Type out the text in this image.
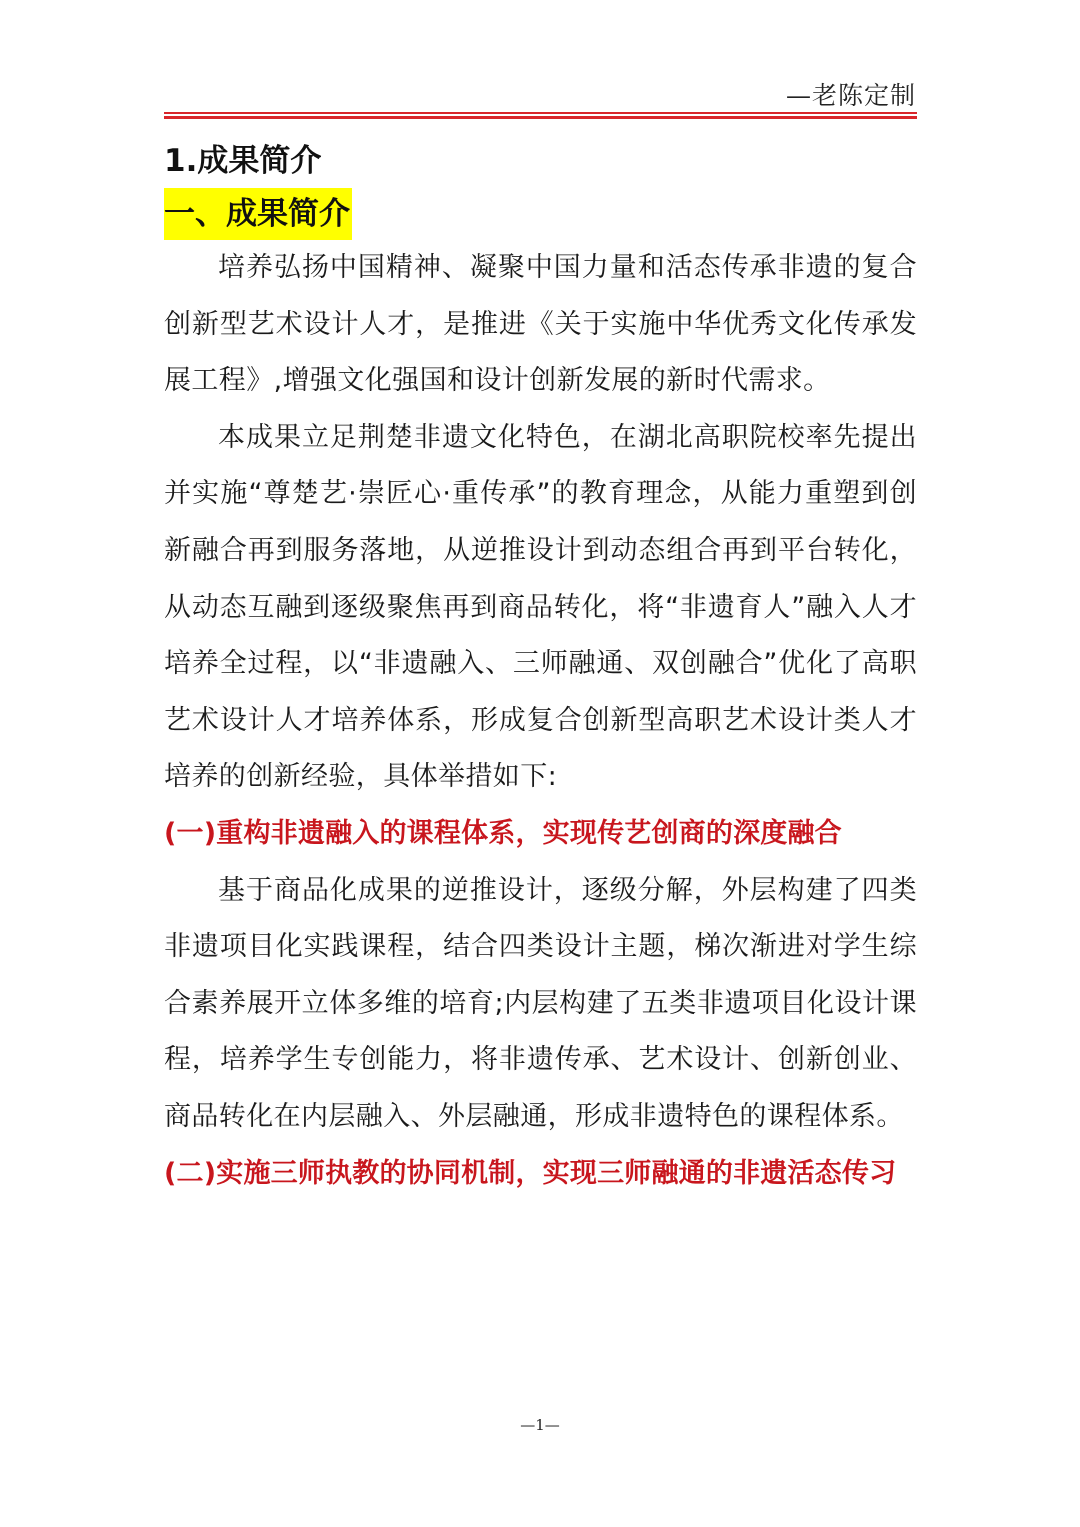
—老陈定制

1.成果简介

一、成果简介

培养弘扬中国精神、凝聚中国力量和活态传承非遗的复合创新型艺术设计人才，是推进《关于实施中华优秀文化传承发展工程》,增强文化强国和设计创新发展的新时代需求。

本成果立足荆楚非遗文化特色，在湖北高职院校率先提出并实施“尊楚艺·崇匠心·重传承”的教育理念，从能力重塑到创新融合再到服务落地，从逆推设计到动态组合再到平台转化，从动态互融到逐级聚焦再到商品转化，将“非遗育人”融入人才培养全过程，以“非遗融入、三师融通、双创融合”优化了高职艺术设计人才培养体系，形成复合创新型高职艺术设计类人才培养的创新经验，具体举措如下:

(一)重构非遗融入的课程体系，实现传艺创商的深度融合

基于商品化成果的逆推设计，逐级分解，外层构建了四类非遗项目化实践课程，结合四类设计主题，梯次渐进对学生综合素养展开立体多维的培育;内层构建了五类非遗项目化设计课程，培养学生专创能力，将非遗传承、艺术设计、创新创业、商品转化在内层融入、外层融通，形成非遗特色的课程体系。

(二)实施三师执教的协同机制，实现三师融通的非遗活态传习

—1—
